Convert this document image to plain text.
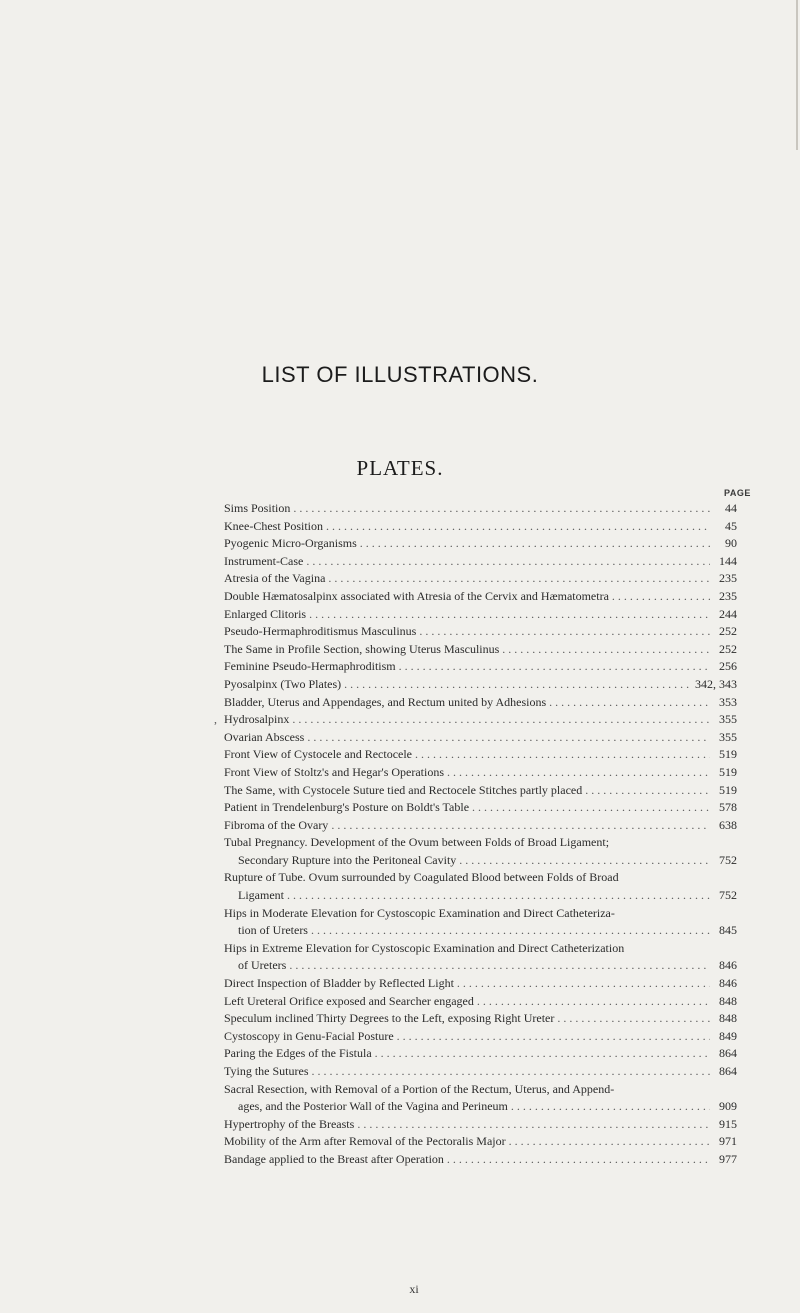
LIST OF ILLUSTRATIONS.
PLATES.
PAGE
,
Sims Position . . .	44
Knee-Chest Position . . .	45
Pyogenic Micro-Organisms . . .	90
Instrument-Case . . .	144
Atresia of the Vagina . . .	235
Double Hæmatosalpinx associated with Atresia of the Cervix and Hæmatometra . . .	235
Enlarged Clitoris . . .	244
Pseudo-Hermaphroditismus Masculinus . . .	252
The Same in Profile Section, showing Uterus Masculinus . . .	252
Feminine Pseudo-Hermaphroditism . . .	256
Pyosalpinx (Two Plates) . . .	342, 343
Bladder, Uterus and Appendages, and Rectum united by Adhesions . . .	353
Hydrosalpinx . . .	355
Ovarian Abscess . . .	355
Front View of Cystocele and Rectocele . . .	519
Front View of Stoltz's and Hegar's Operations . . .	519
The Same, with Cystocele Suture tied and Rectocele Stitches partly placed . . .	519
Patient in Trendelenburg's Posture on Boldt's Table . . .	578
Fibroma of the Ovary . . .	638
Tubal Pregnancy. Development of the Ovum between Folds of Broad Ligament;
Secondary Rupture into the Peritoneal Cavity . . .	752
Rupture of Tube. Ovum surrounded by Coagulated Blood between Folds of Broad
Ligament . . .	752
Hips in Moderate Elevation for Cystoscopic Examination and Direct Catheteriza-
tion of Ureters . . .	845
Hips in Extreme Elevation for Cystoscopic Examination and Direct Catheterization
of Ureters . . .	846
Direct Inspection of Bladder by Reflected Light . . .	846
Left Ureteral Orifice exposed and Searcher engaged . . .	848
Speculum inclined Thirty Degrees to the Left, exposing Right Ureter . . .	848
Cystoscopy in Genu-Facial Posture . . .	849
Paring the Edges of the Fistula . . .	864
Tying the Sutures . . .	864
Sacral Resection, with Removal of a Portion of the Rectum, Uterus, and Append-
ages, and the Posterior Wall of the Vagina and Perineum . . .	909
Hypertrophy of the Breasts . . .	915
Mobility of the Arm after Removal of the Pectoralis Major . . .	971
Bandage applied to the Breast after Operation . . .	977
xi
